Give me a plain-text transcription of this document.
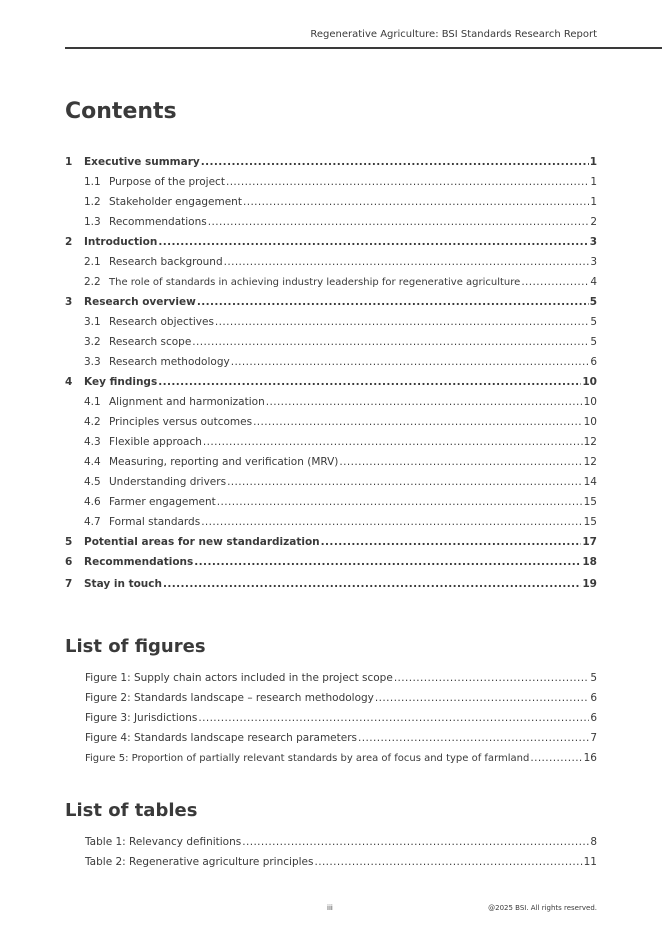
Regenerative Agriculture: BSI Standards Research Report
Contents
1	Executive summary .....	1
1.1 Purpose of the project .....	1
1.2 Stakeholder engagement .....	1
1.3 Recommendations .....	2
2	Introduction .....	3
2.1 Research background .....	3
2.2 The role of standards in achieving industry leadership for regenerative agriculture .....	4
3	Research overview .....	5
3.1 Research objectives .....	5
3.2 Research scope .....	5
3.3 Research methodology .....	6
4	Key findings .....	10
4.1 Alignment and harmonization .....	10
4.2 Principles versus outcomes .....	10
4.3 Flexible approach .....	12
4.4 Measuring, reporting and verification (MRV) .....	12
4.5 Understanding drivers .....	14
4.6 Farmer engagement .....	15
4.7 Formal standards .....	15
5	Potential areas for new standardization .....	17
6	Recommendations .....	18
7	Stay in touch .....	19
List of figures
Figure 1: Supply chain actors included in the project scope .....	5
Figure 2: Standards landscape – research methodology .....	6
Figure 3: Jurisdictions .....	6
Figure 4: Standards landscape research parameters .....	7
Figure 5: Proportion of partially relevant standards by area of focus and type of farmland .....	16
List of tables
Table 1: Relevancy definitions .....	8
Table 2: Regenerative agriculture principles .....	11
iii	@2025 BSI. All rights reserved.
